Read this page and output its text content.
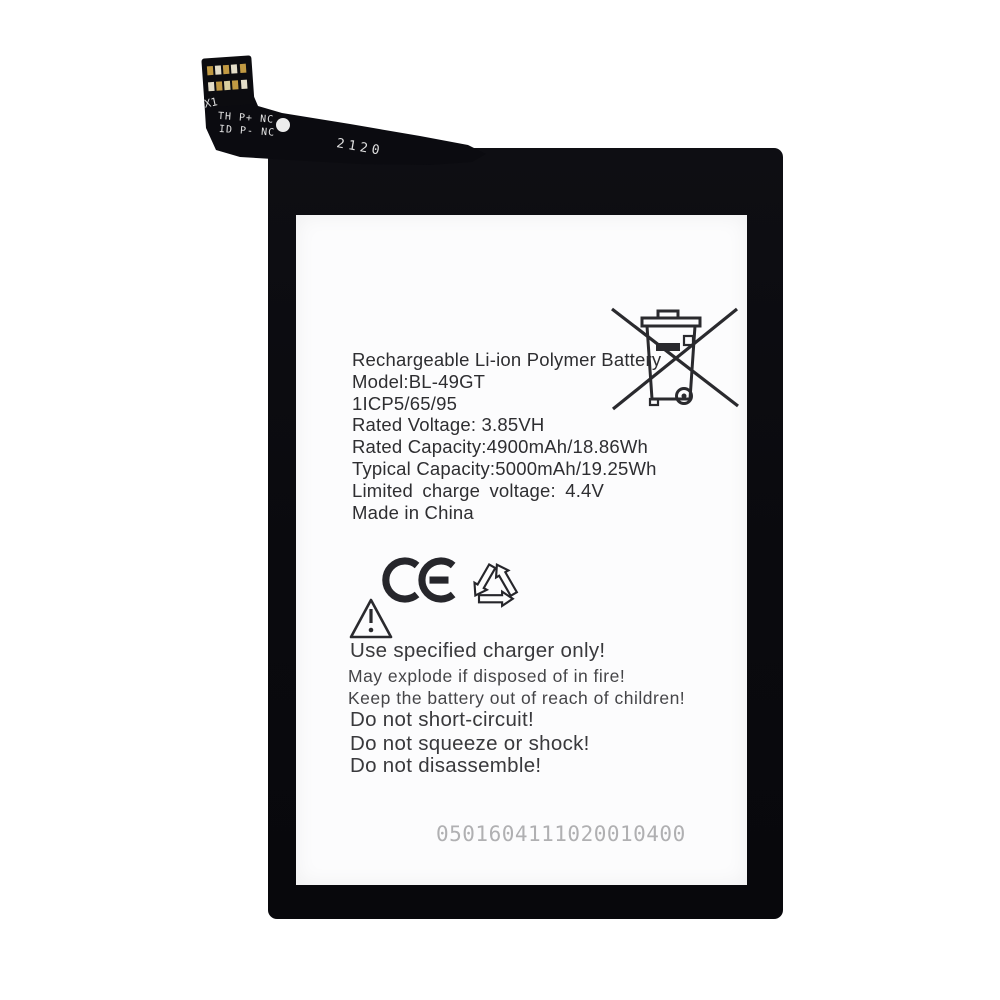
X1
TH P+ NC
ID P- NC
2120
Rechargeable Li-ion Polymer Battery
Model:BL-49GT
1ICP5/65/95
Rated Voltage: 3.85VH
Rated Capacity:4900mAh/18.86Wh
Typical Capacity:5000mAh/19.25Wh
Limited charge voltage: 4.4V
Made in China
Use specified charger only!
May explode if disposed of in fire!
Keep the battery out of reach of children!
Do not short-circuit!
Do not squeeze or shock!
Do not disassemble!
0501604111020010400
